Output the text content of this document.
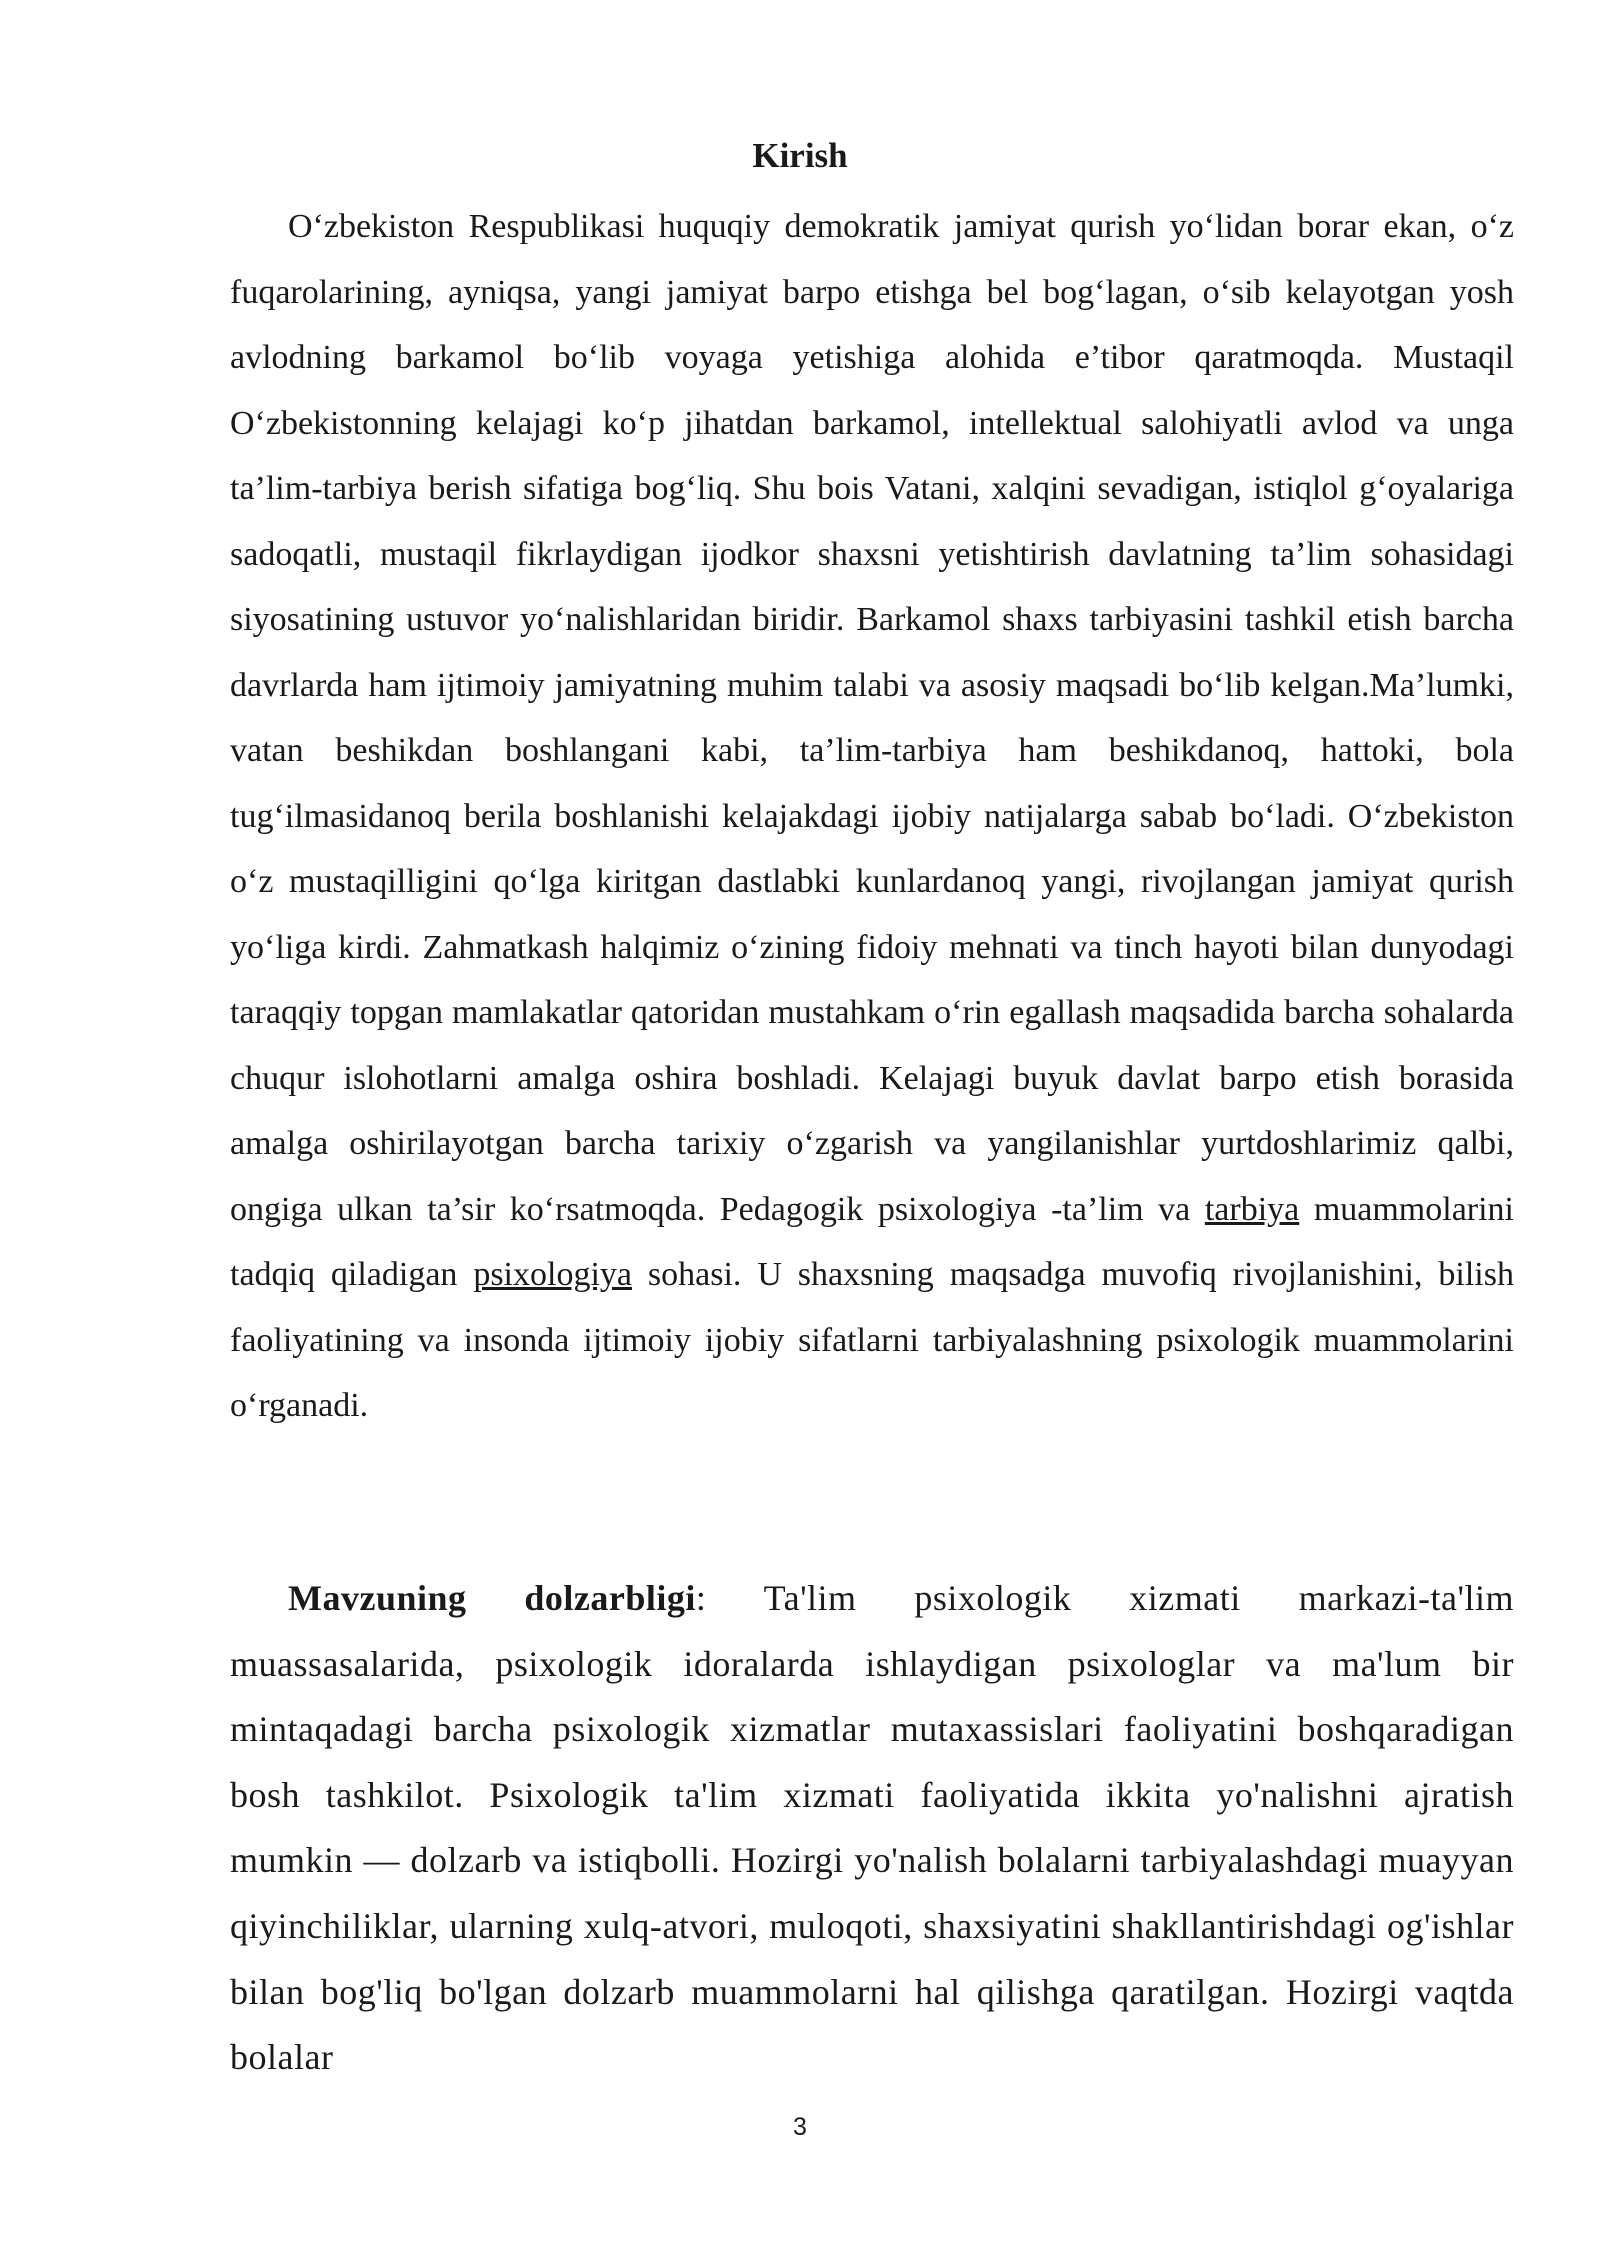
Kirish

O‘zbekiston Respublikasi huquqiy demokratik jamiyat qurish yo‘lidan borar ekan, o‘z fuqarolarining, ayniqsa, yangi jamiyat barpo etishga bel bog‘lagan, o‘sib kelayotgan yosh avlodning barkamol bo‘lib voyaga yetishiga alohida e’tibor qaratmoqda. Mustaqil O‘zbekistonning kelajagi ko‘p jihatdan barkamol, intellektual salohiyatli avlod va unga ta’lim-tarbiya berish sifatiga bog‘liq. Shu bois Vatani, xalqini sevadigan, istiqlol g‘oyalariga sadoqatli, mustaqil fikrlaydigan ijodkor shaxsni yetishtirish davlatning ta’lim sohasidagi siyosatining ustuvor yo‘nalishlaridan biridir. Barkamol shaxs tarbiyasini tashkil etish barcha davrlarda ham ijtimoiy jamiyatning muhim talabi va asosiy maqsadi bo‘lib kelgan.Ma’lumki, vatan beshikdan boshlangani kabi, ta’lim-tarbiya ham beshikdanoq, hattoki, bola tug‘ilmasidanoq berila boshlanishi kelajakdagi ijobiy natijalarga sabab bo‘ladi. O‘zbekiston o‘z mustaqilligini qo‘lga kiritgan dastlabki kunlardanoq yangi, rivojlangan jamiyat qurish yo‘liga kirdi. Zahmatkash halqimiz o‘zining fidoiy mehnati va tinch hayoti bilan dunyodagi taraqqiy topgan mamlakatlar qatoridan mustahkam o‘rin egallash maqsadida barcha sohalarda chuqur islohotlarni amalga oshira boshladi. Kelajagi buyuk davlat barpo etish borasida amalga oshirilayotgan barcha tarixiy o‘zgarish va yangilanishlar yurtdoshlarimiz qalbi, ongiga ulkan ta’sir ko‘rsatmoqda. Pedagogik psixologiya -ta’lim va tarbiya muammolarini tadqiq qiladigan psixologiya sohasi. U shaxsning maqsadga muvofiq rivojlanishini, bilish faoliyatining va insonda ijtimoiy ijobiy sifatlarni tarbiyalashning psixologik muammolarini o‘rganadi.

Mavzuning dolzarbligi: Ta'lim psixologik xizmati markazi-ta'lim muassasalarida, psixologik idoralarda ishlaydigan psixologlar va ma'lum bir mintaqadagi barcha psixologik xizmatlar mutaxassislari faoliyatini boshqaradigan bosh tashkilot. Psixologik ta'lim xizmati faoliyatida ikkita yo'nalishni ajratish mumkin — dolzarb va istiqbolli. Hozirgi yo'nalish bolalarni tarbiyalashdagi muayyan qiyinchiliklar, ularning xulq-atvori, muloqoti, shaxsiyatini shakllantirishdagi og'ishlar bilan bog'liq bo'lgan dolzarb muammolarni hal qilishga qaratilgan. Hozirgi vaqtda bolalar

3
